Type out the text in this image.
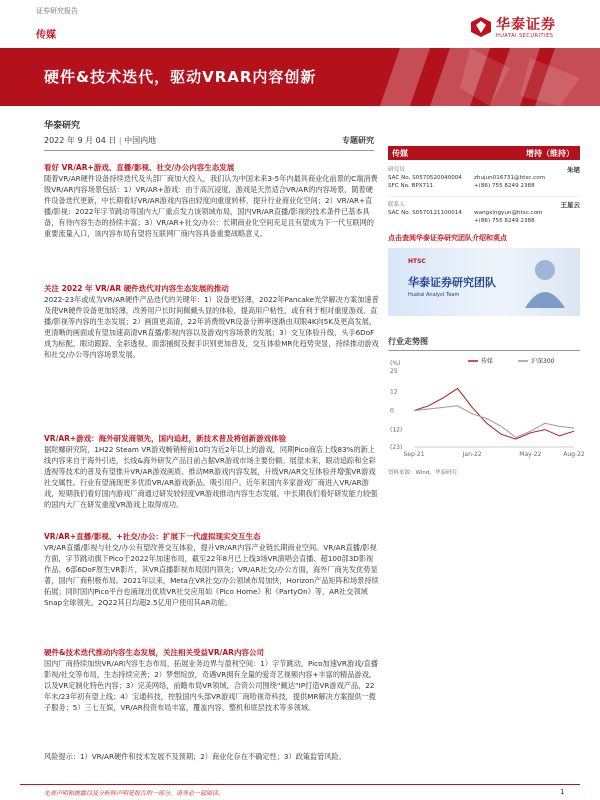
证券研究报告
传媒
华泰证券
HUATAI SECURITIES
硬件&技术迭代，驱动VRAR内容创新
华泰研究
2022 年 9 月 04 日 | 中国内地	专题研究
看好 VR/AR+游戏、直播/影视、社交/办公内容生态发展

随着VR/AR硬件设备持续迭代及头部厂商加大投入，我们认为中国未来3-5年内最具商业化前景的C端消费级VR/AR内容场景包括：1）VR/AR+游戏：由于高沉浸度，游戏是天然适合VR/AR的内容场景，随着硬件设备迭代更新，中长期看好VR/AR游戏内容由轻度向重度转移，提升行业商业化空间；2）VR/AR+直播/影视：2022年字节跳动等国内大厂重点发力该领域布局，国内VR/AR直播/影视的技术条件已基本具备，有待内容生态的持续丰富；3）VR/AR+社交/办公：长期商业化空间充足且有望成为下一代互联网的重要流量入口，该内容布局有望将互联网厂商内容具备重要战略意义。

关注 2022 年 VR/AR 硬件迭代对内容生态发展的推动

2022-23年或成为VR/AR硬件产品迭代的关键年：1）设备更轻薄，2022年Pancake光学解决方案加速普及使VR硬件设备更加轻薄，改善用户长时间佩戴头显的体验，提高用户粘性，或有利于相对重度游戏、直播/影视等内容的生态发展；2）画面更高清，22年消费级VR设备分辨率逐渐由双眼4K向5K及更高发展，更清晰的画面或有望加速高清VR直播/影视内容以及游戏内容场景的发展；3）交互体验升级，头手6DoF成为标配，眼动跟踪、全彩透视、面部捕捉及握手识别更加普及，交互体验MR化趋势突显，持续推动游戏和社交/办公等内容场景发展。

VR/AR+游戏：海外研发商领先，国内追赶，新技术普及将创新游戏体验

据陀螺研究院，1H22 Steam VR游戏畅销榜前10均为近2年以上的游戏，同期Pico商店上线83%的新上线内容来自于海外引进，长线&海外研发产品目前占据VR游戏市场主要份额。展望未来，眼动追踪和全彩透视等技术的普及有望推升VR/AR游戏画质、推动MR游戏内容发展，升级VR/AR交互体验并增强VR游戏社交属性。行业有望涌现更多优质VR/AR游戏新品，吸引用户。近年来国内多家游戏厂商进入VR/AR游戏，短期我们看好国内游戏厂商通过研发较轻度VR游戏推动内容生态发展，中长期我们看好研发能力较强的国内大厂在研发重度VR游戏上取得成功。

VR/AR+直播/影视、+社交/办公：扩展下一代虚拟现实交互生态

VR/AR直播/影视与社交/办公有望改善交互体验，提升VR/AR内容产业链长期商业空间。VR/AR直播/影视方面，字节跳动旗下Pico于2022年加速布局，截至22年8月已上线3场VR演唱会直播、超100部3D影视作品、6部6DoF原生VR影片，其VR直播影视布局国内领先；VR/AR社交/办公方面，海外厂商先发优势显著，国内厂商积极布局。2021年以来，Meta在VR社交/办公领域布局加快，Horizon产品矩阵和场景持续拓展；同时国内Pico平台也涌现出优质VR社交应用如《Pico Home》和《PartyOn》等，AR社交领域Snap全球领先，2Q22其日均超2.5亿用户使用其AR功能。

硬件&技术迭代推动内容生态发展，关注相关受益VR/AR内容公司

国内厂商持续加快VR/AR内容生态布局，拓展业务边界与盈利空间：1）字节跳动，Pico加速VR游戏/直播影视/社交等布局，生态持续完善；2）梦想绽放，奇遇VR拥有全量的爱奇艺视频内容+丰富的精品游戏，以及VR定制化特色内容；3）完美网络，前瞻布局VR领域，合资公司围绕“戴达”IP打造VR游戏产品，22年末/23年初有望上线；4）宝通科技，控股国内头部VR游戏厂商哈视奇科技，提供MR解决方案提供一揽子服务；5）三七互娱，VR/AR投资布局丰富，覆盖内容、整机和底层技术等多领域。

风险提示：1）VR/AR硬件和技术发展不及预期；2）商业化存在不确定性；3）政策监管风险。

传媒	增持（维持）
研究员	朱珺
SAC No. S0570520040004 zhujun016731@htsc.com
SFC No. BPX711	+(86) 755 8249 2388
联系人	王星云
SAC No. S0570121100014 wangxingyun@htsc.com
+(86) 755 8249 2388
点击查阅华泰证券研究团队介绍和观点
HTSC
华泰证券研究团队
Huatai Analyst Team
行业走势图
(%)
25
12
0
(12)
(23)
Sep-21	Jan-22	May-22	Aug-22
传媒	沪深300
资料来源：Wind，华泰研究
免责声明和披露以及分析师声明是报告的一部分，请务必一起阅读。	1
